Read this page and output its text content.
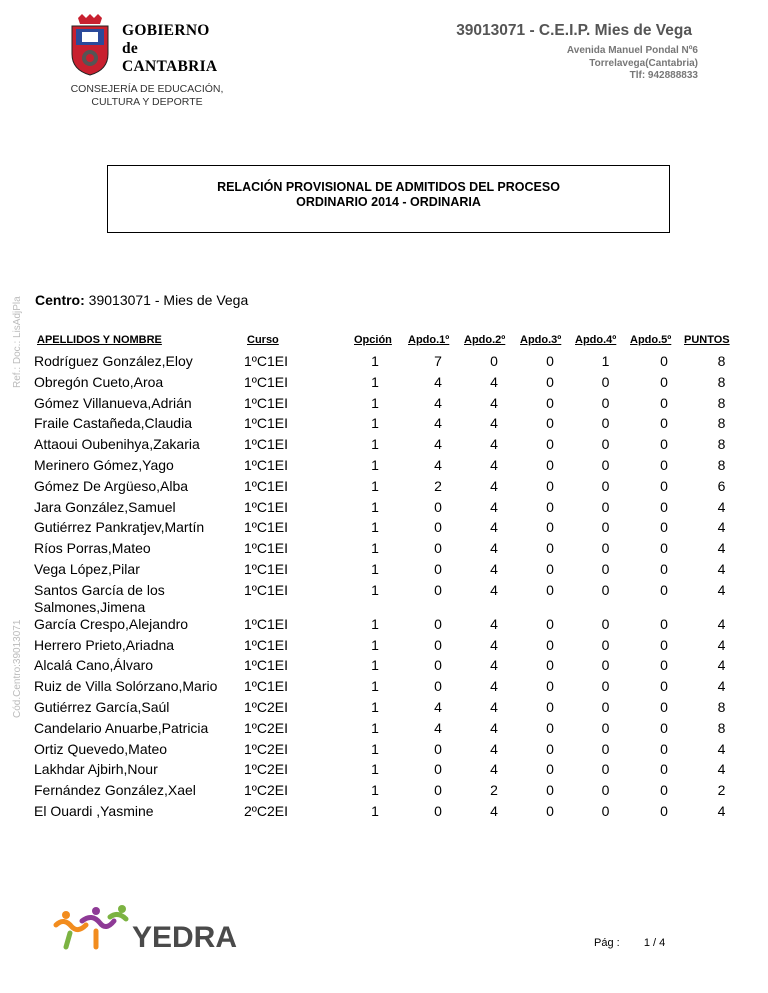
GOBIERNO
de
CANTABRIA
CONSEJERÍA DE EDUCACIÓN,
CULTURA Y DEPORTE
39013071 - C.E.I.P. Mies de Vega
Avenida Manuel Pondal Nº6
Torrelavega(Cantabria)
Tlf: 942888833
RELACIÓN PROVISIONAL DE ADMITIDOS DEL PROCESO
ORDINARIO 2014 - ORDINARIA
Ref.: Doc.: LisAdjPla
Cód.Centro:39013071
Centro: 39013071 - Mies de Vega
APELLIDOS Y NOMBRE	Curso	Opción Apdo.1º Apdo.2º Apdo.3º Apdo.4º Apdo.5º PUNTOS
Rodríguez González,Eloy	1ºC1EI	1	7	0	0	1	0	8
Obregón Cueto,Aroa	1ºC1EI	1	4	4	0	0	0	8
Gómez Villanueva,Adrián	1ºC1EI	1	4	4	0	0	0	8
Fraile Castañeda,Claudia	1ºC1EI	1	4	4	0	0	0	8
Attaoui Oubenihya,Zakaria	1ºC1EI	1	4	4	0	0	0	8
Merinero Gómez,Yago	1ºC1EI	1	4	4	0	0	0	8
Gómez De Argüeso,Alba	1ºC1EI	1	2	4	0	0	0	6
Jara González,Samuel	1ºC1EI	1	0	4	0	0	0	4
Gutiérrez Pankratjev,Martín	1ºC1EI	1	0	4	0	0	0	4
Ríos Porras,Mateo	1ºC1EI	1	0	4	0	0	0	4
Vega López,Pilar	1ºC1EI	1	0	4	0	0	0	4
Santos García de los Salmones,Jimena	1ºC1EI	1	0	4	0	0	0	4
García Crespo,Alejandro	1ºC1EI	1	0	4	0	0	0	4
Herrero Prieto,Ariadna	1ºC1EI	1	0	4	0	0	0	4
Alcalá Cano,Álvaro	1ºC1EI	1	0	4	0	0	0	4
Ruiz de Villa Solórzano,Mario	1ºC1EI	1	0	4	0	0	0	4
Gutiérrez García,Saúl	1ºC2EI	1	4	4	0	0	0	8
Candelario Anuarbe,Patricia	1ºC2EI	1	4	4	0	0	0	8
Ortiz Quevedo,Mateo	1ºC2EI	1	0	4	0	0	0	4
Lakhdar Ajbirh,Nour	1ºC2EI	1	0	4	0	0	0	4
Fernández González,Xael	1ºC2EI	1	0	2	0	0	0	2
El Ouardi ,Yasmine	2ºC2EI	1	0	4	0	0	0	4
YEDRA	Pág : 1 / 4
